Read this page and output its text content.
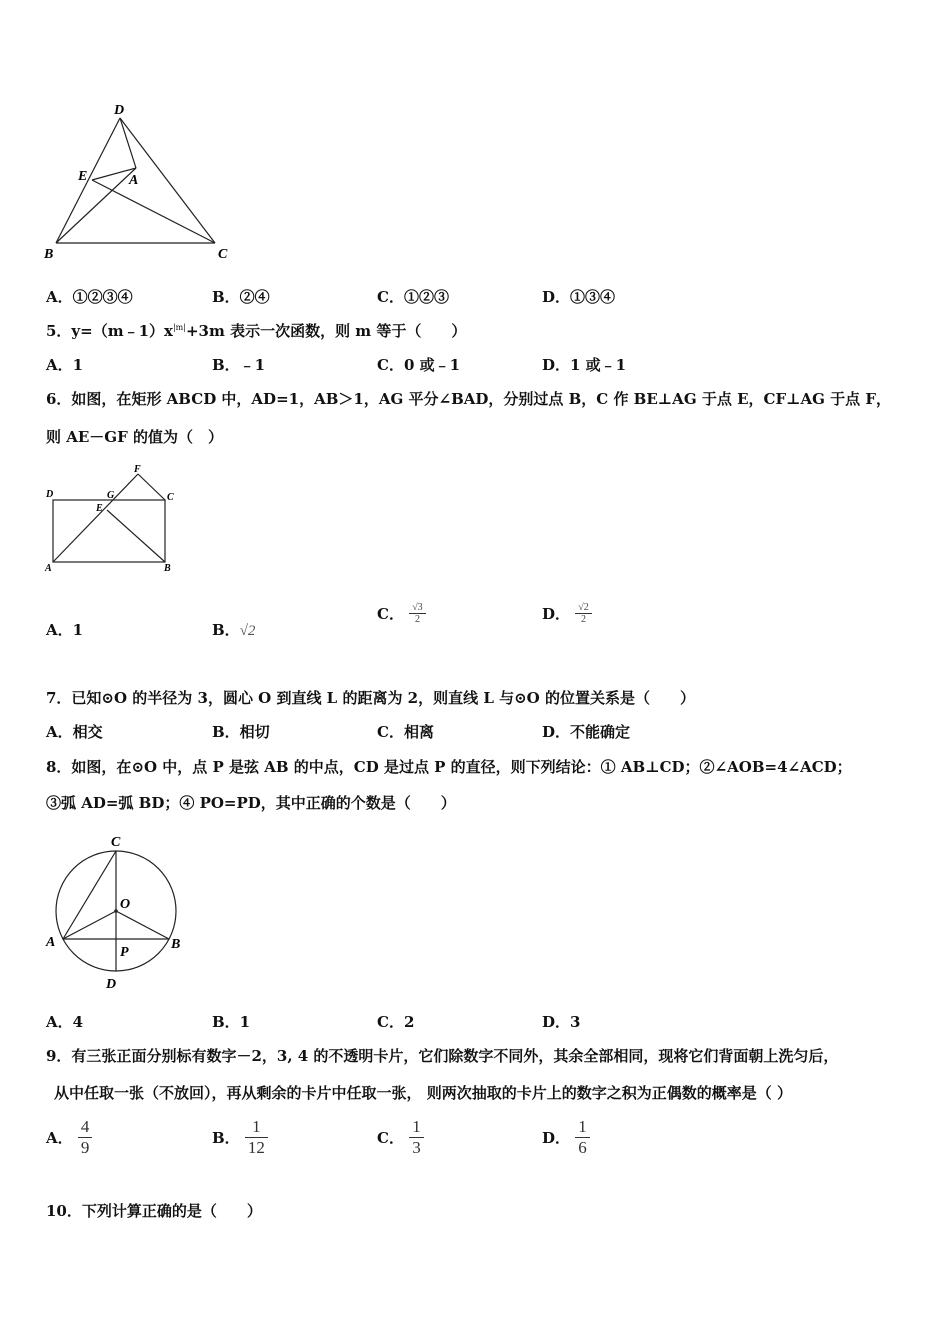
D
E	A
B	C
A．①②③④	B．②④	C．①②③	D．①③④
5．$y=(m﹣1)x^{|m|}+3m$ 表示一次函数，则 m 等于（　　）
A．1	B．﹣1	C．0 或﹣1	D．1 或﹣1
6．如图，在矩形 ABCD 中，AD=1，AB＞1，AG 平分∠BAD，分别过点 B，C 作 BE⊥AG 于点 E，CF⊥AG 于点 F，
则 AE－GF 的值为（　）
D	G
F
C
E
A	B
A．1	B．√2
C． $\frac{√3}{2}$	D． $\frac{√2}{2}$
7．已知⊙O 的半径为 3，圆心 O 到直线 L 的距离为 2，则直线 L 与⊙O 的位置关系是（　　）
A．相交	B．相切	C．相离	D．不能确定
8．如图，在⊙O 中，点 P 是弦 AB 的中点，CD 是过点 P 的直径，则下列结论：① AB⊥CD；②∠AOB=4∠ACD；
③弧 AD=弧 BD；④ PO=PD，其中正确的个数是（　　）
C
O
A	B
P
D
A．4	B．1	C．2	D．3
9．有三张正面分别标有数字－2，3, 4 的不透明卡片，它们除数字不同外，其余全部相同，现将它们背面朝上洗匀后，
从中任取一张（不放回），再从剩余的卡片中任取一张， 则两次抽取的卡片上的数字之积为正偶数的概率是（ ）
A． $\frac{4}{9}$	B． $\frac{1}{12}$	C． $\frac{1}{3}$	D． $\frac{1}{6}$
10．下列计算正确的是（　　）
